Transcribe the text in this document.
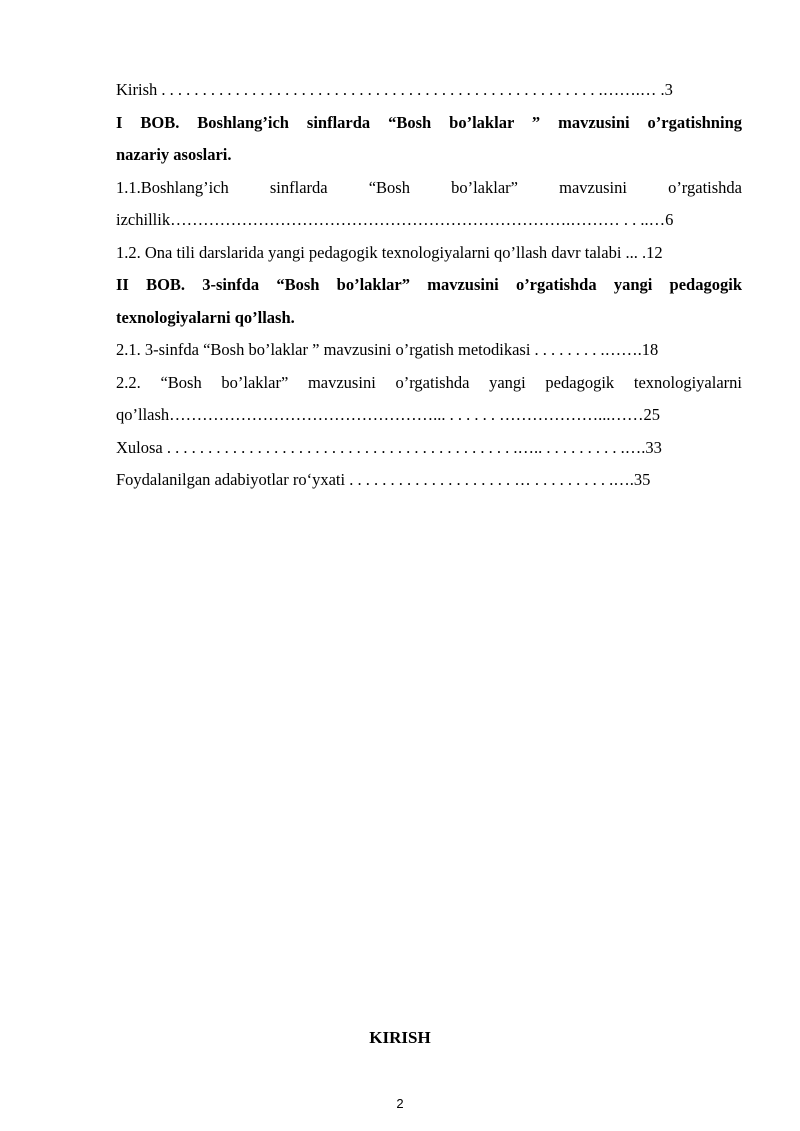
Kirish . . . . . . . . . . . . . . . . . . . . . . . . . . . . . . . . . . . . . . . . . . . . . . . . . . . . . .…….… .3
I BOB. Boshlang’ich sinflarda “Bosh bo’laklar ” mavzusini o’rgatishning
nazariy asoslari.
1.1.Boshlang’ich sinflarda “Bosh bo’laklar” mavzusini o’rgatishda
izchillik……………………………………………………………….……… . . ..…6
1.2. Ona tili darslarida yangi pedagogik texnologiyalarni qo’llash davr talabi ... .12
II BOB. 3-sinfda “Bosh bo’laklar” mavzusini o’rgatishda yangi pedagogik
texnologiyalarni qo’llash.
2.1. 3-sinfda “Bosh bo’laklar ” mavzusini o’rgatish metodikasi . . . . . . . . .…….18
2.2. “Bosh bo’laklar” mavzusini o’rgatishda yangi pedagogik texnologiyalarni
qo’llash…………………………………………... . . . . . . ………………...……25
Xulosa . . . . . . . . . . . . . . . . . . . . . . . . . . . . . . . . . . . . . . . . . . .….. . . . . . . . . . .….33
Foydalanilgan adabiyotlar ro‘yxati . . . . . . . . . . . . . . . . . . . . … . . . . . . . . . .….35
KIRISH
2
